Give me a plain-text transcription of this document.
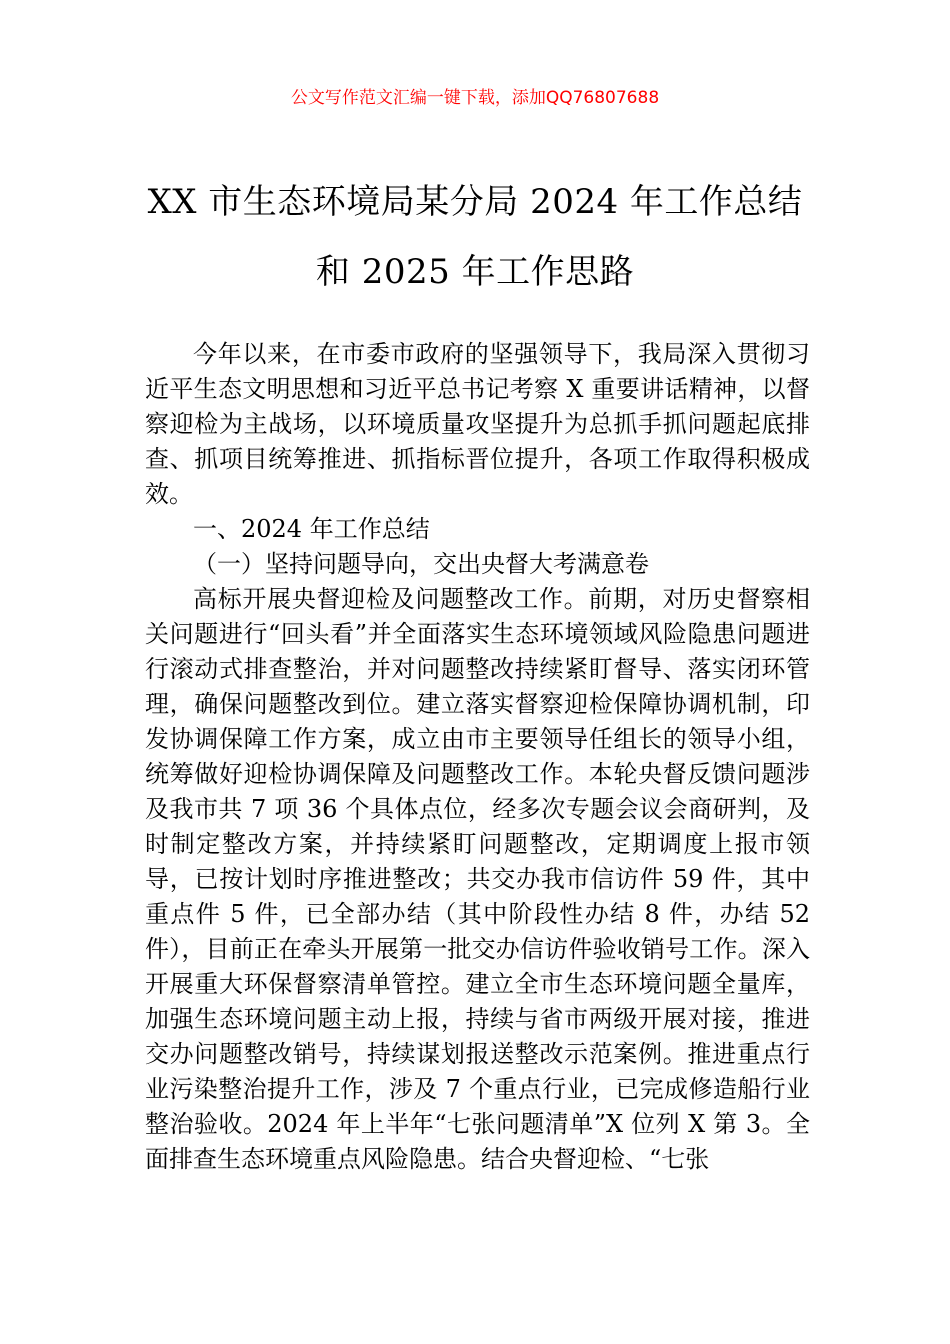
公文写作范文汇编一键下载，添加QQ76807688
XX 市生态环境局某分局 2024 年工作总结
和 2025 年工作思路

今年以来，在市委市政府的坚强领导下，我局深入贯彻习近平生态文明思想和习近平总书记考察 X 重要讲话精神，以督察迎检为主战场，以环境质量攻坚提升为总抓手抓问题起底排查、抓项目统筹推进、抓指标晋位提升，各项工作取得积极成效。

一、2024 年工作总结

（一）坚持问题导向，交出央督大考满意卷

高标开展央督迎检及问题整改工作。前期，对历史督察相关问题进行“回头看”并全面落实生态环境领域风险隐患问题进行滚动式排查整治，并对问题整改持续紧盯督导、落实闭环管理，确保问题整改到位。建立落实督察迎检保障协调机制，印发协调保障工作方案，成立由市主要领导任组长的领导小组，统筹做好迎检协调保障及问题整改工作。本轮央督反馈问题涉及我市共 7 项 36 个具体点位，经多次专题会议会商研判，及时制定整改方案，并持续紧盯问题整改，定期调度上报市领导，已按计划时序推进整改；共交办我市信访件 59 件，其中重点件 5 件，已全部办结（其中阶段性办结 8 件，办结 52 件），目前正在牵头开展第一批交办信访件验收销号工作。深入开展重大环保督察清单管控。建立全市生态环境问题全量库，加强生态环境问题主动上报，持续与省市两级开展对接，推进交办问题整改销号，持续谋划报送整改示范案例。推进重点行业污染整治提升工作，涉及 7 个重点行业，已完成修造船行业整治验收。2024 年上半年“七张问题清单”X 位列 X 第 3。全面排查生态环境重点风险隐患。结合央督迎检、“七张
